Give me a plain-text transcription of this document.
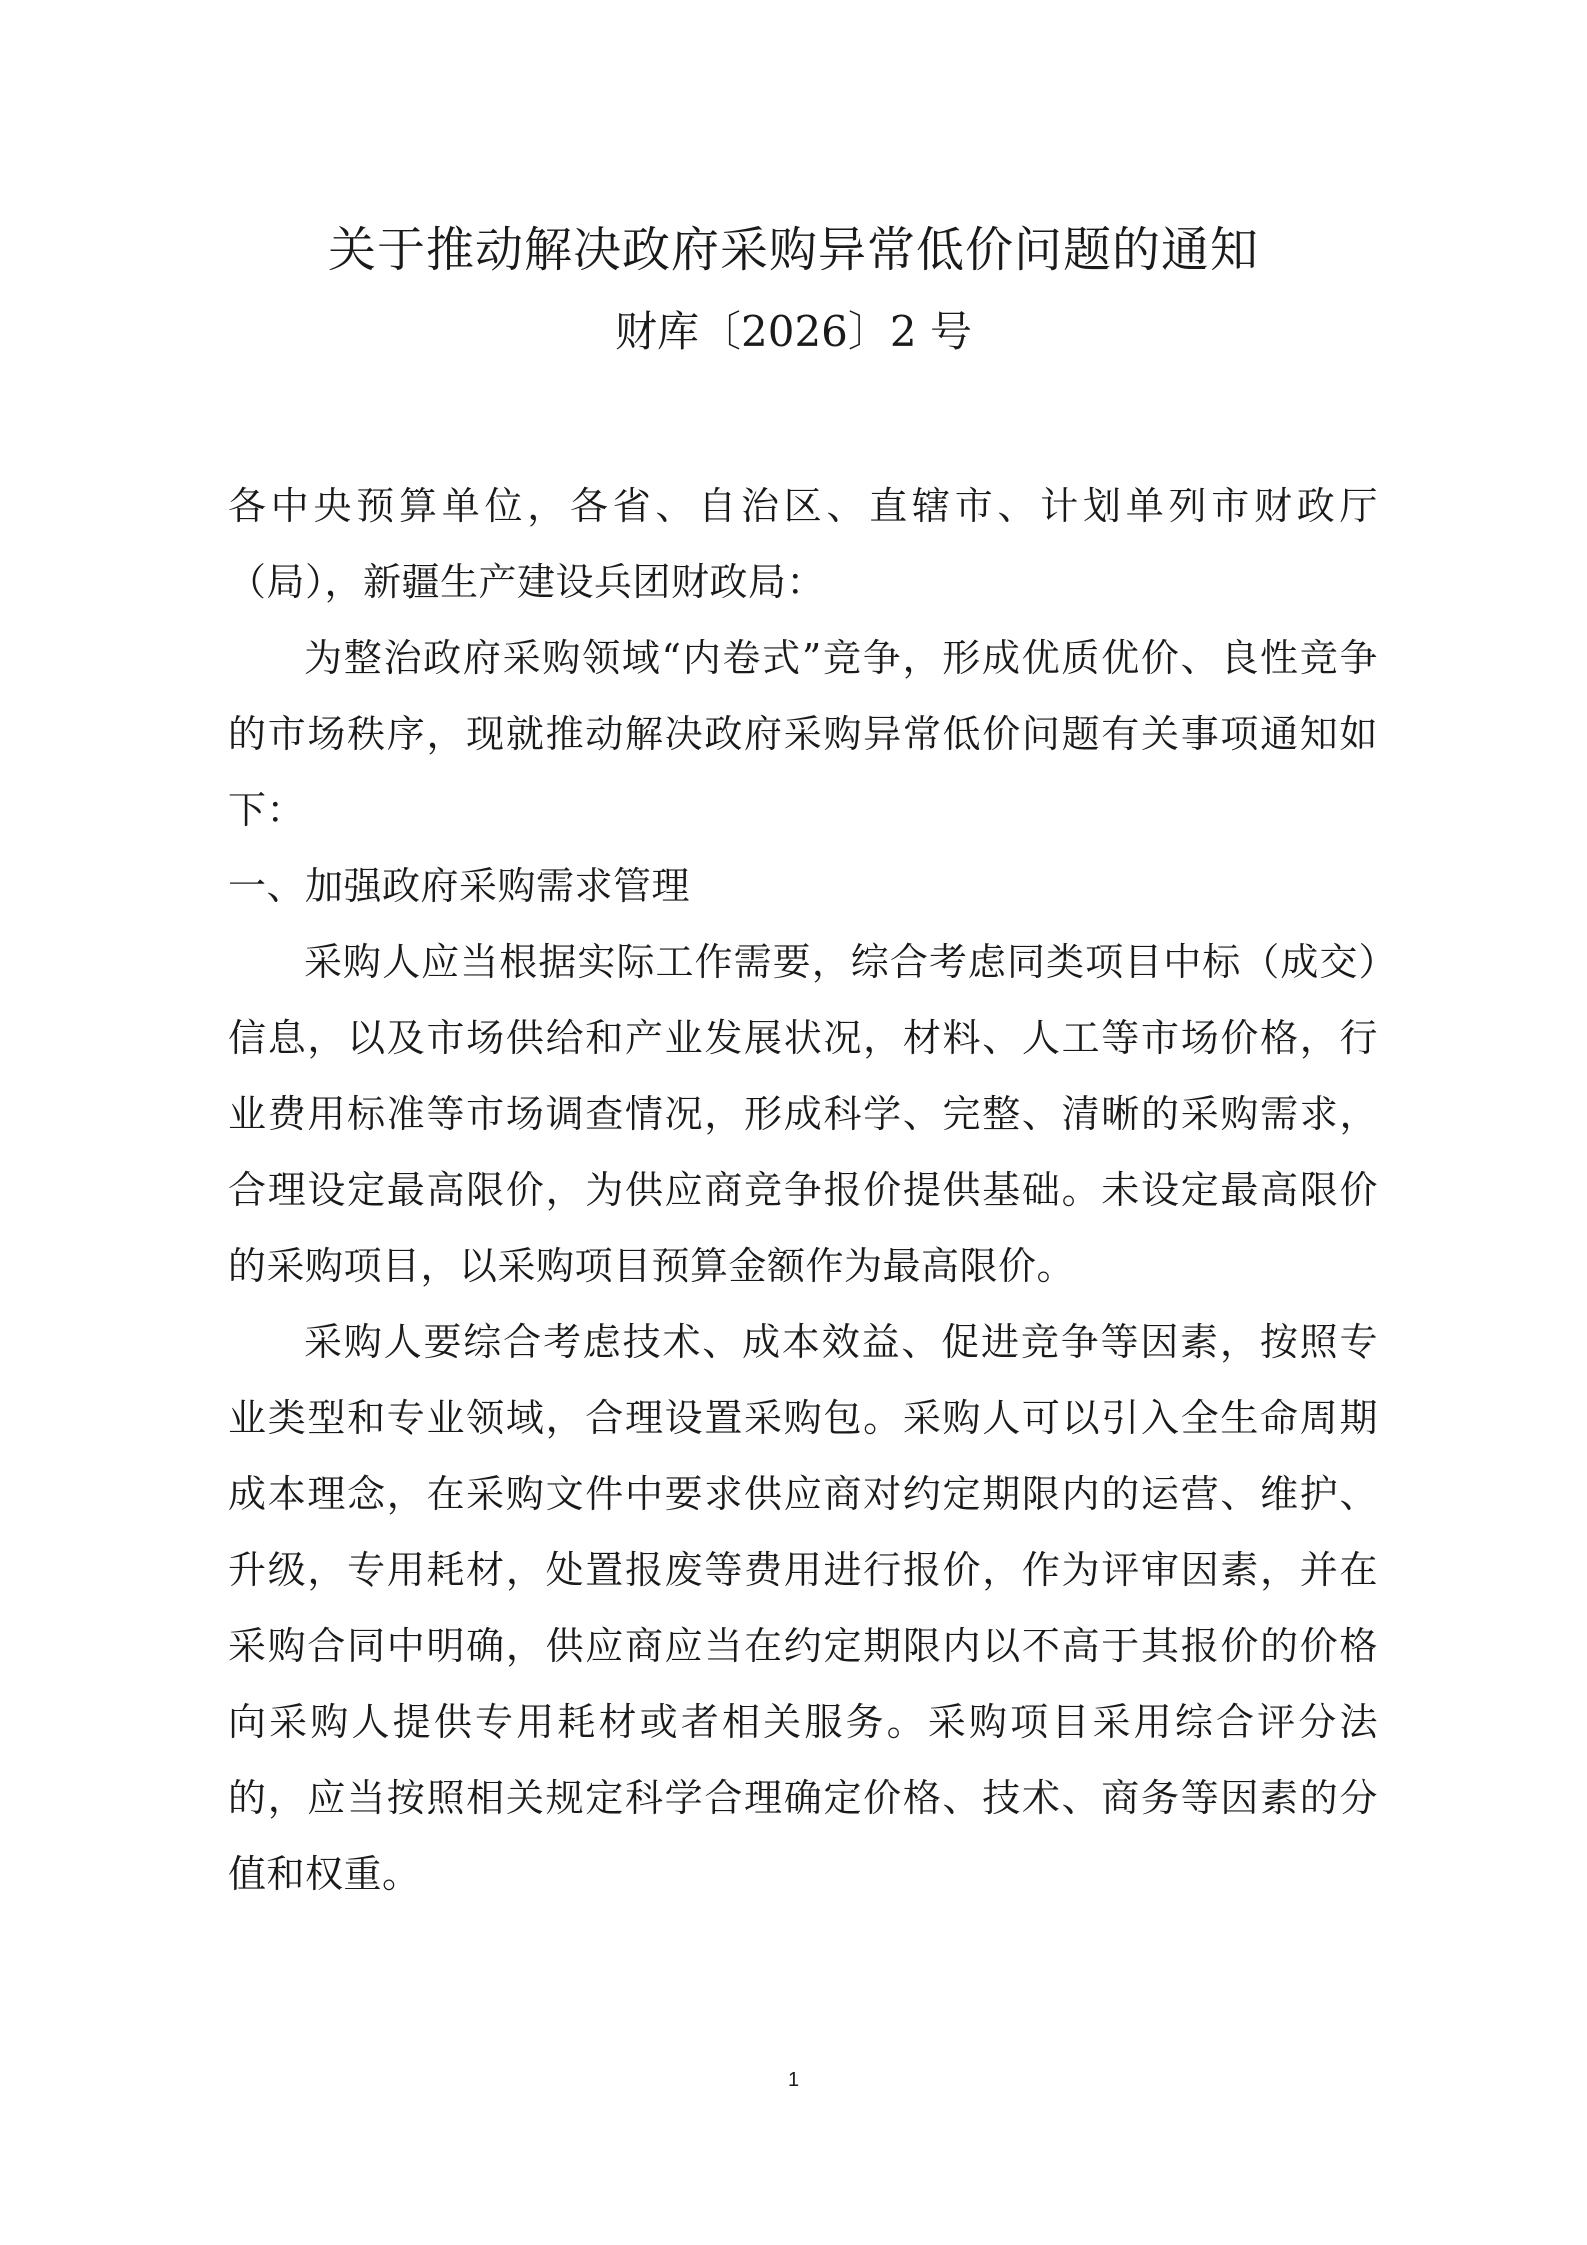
关于推动解决政府采购异常低价问题的通知
财库〔2026〕2 号

各中央预算单位，各省、自治区、直辖市、计划单列市财政厅（局），新疆生产建设兵团财政局：

为整治政府采购领域“内卷式”竞争，形成优质优价、良性竞争的市场秩序，现就推动解决政府采购异常低价问题有关事项通知如下：

一、加强政府采购需求管理

采购人应当根据实际工作需要，综合考虑同类项目中标（成交）信息，以及市场供给和产业发展状况，材料、人工等市场价格，行业费用标准等市场调查情况，形成科学、完整、清晰的采购需求，合理设定最高限价，为供应商竞争报价提供基础。未设定最高限价的采购项目，以采购项目预算金额作为最高限价。

采购人要综合考虑技术、成本效益、促进竞争等因素，按照专业类型和专业领域，合理设置采购包。采购人可以引入全生命周期成本理念，在采购文件中要求供应商对约定期限内的运营、维护、升级，专用耗材，处置报废等费用进行报价，作为评审因素，并在采购合同中明确，供应商应当在约定期限内以不高于其报价的价格向采购人提供专用耗材或者相关服务。采购项目采用综合评分法的，应当按照相关规定科学合理确定价格、技术、商务等因素的分值和权重。

1
